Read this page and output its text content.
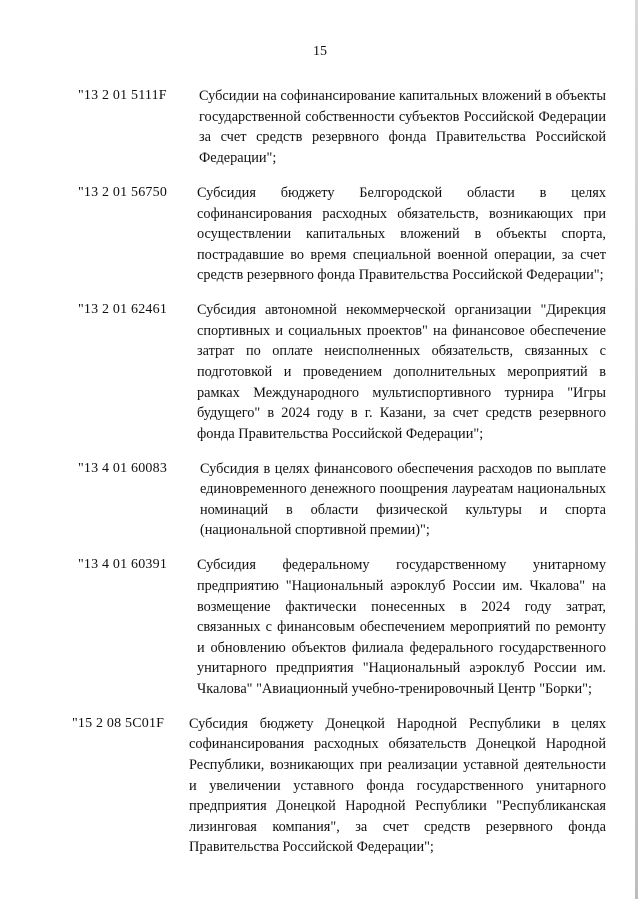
15
"13 2 01 5111F Субсидии на софинансирование капитальных вложений в объекты государственной собственности субъектов Российской Федерации за счет средств резервного фонда Правительства Российской Федерации";

"13 2 01 56750 Субсидия бюджету Белгородской области в целях софинансирования расходных обязательств, возникающих при осуществлении капитальных вложений в объекты спорта, пострадавшие во время специальной военной операции, за счет средств резервного фонда Правительства Российской Федерации";

"13 2 01 62461 Субсидия автономной некоммерческой организации "Дирекция спортивных и социальных проектов" на финансовое обеспечение затрат по оплате неисполненных обязательств, связанных с подготовкой и проведением дополнительных мероприятий в рамках Международного мультиспортивного турнира "Игры будущего" в 2024 году в г. Казани, за счет средств резервного фонда Правительства Российской Федерации";

"13 4 01 60083 Субсидия в целях финансового обеспечения расходов по выплате единовременного денежного поощрения лауреатам национальных номинаций в области физической культуры и спорта (национальной спортивной премии)";

"13 4 01 60391 Субсидия федеральному государственному унитарному предприятию "Национальный аэроклуб России им. Чкалова" на возмещение фактически понесенных в 2024 году затрат, связанных с финансовым обеспечением мероприятий по ремонту и обновлению объектов филиала федерального государственного унитарного предприятия "Национальный аэроклуб России им. Чкалова" "Авиационный учебно-тренировочный Центр "Борки";

"15 2 08 5C01F Субсидия бюджету Донецкой Народной Республики в целях софинансирования расходных обязательств Донецкой Народной Республики, возникающих при реализации уставной деятельности и увеличении уставного фонда государственного унитарного предприятия Донецкой Народной Республики "Республиканская лизинговая компания", за счет средств резервного фонда Правительства Российской Федерации";
